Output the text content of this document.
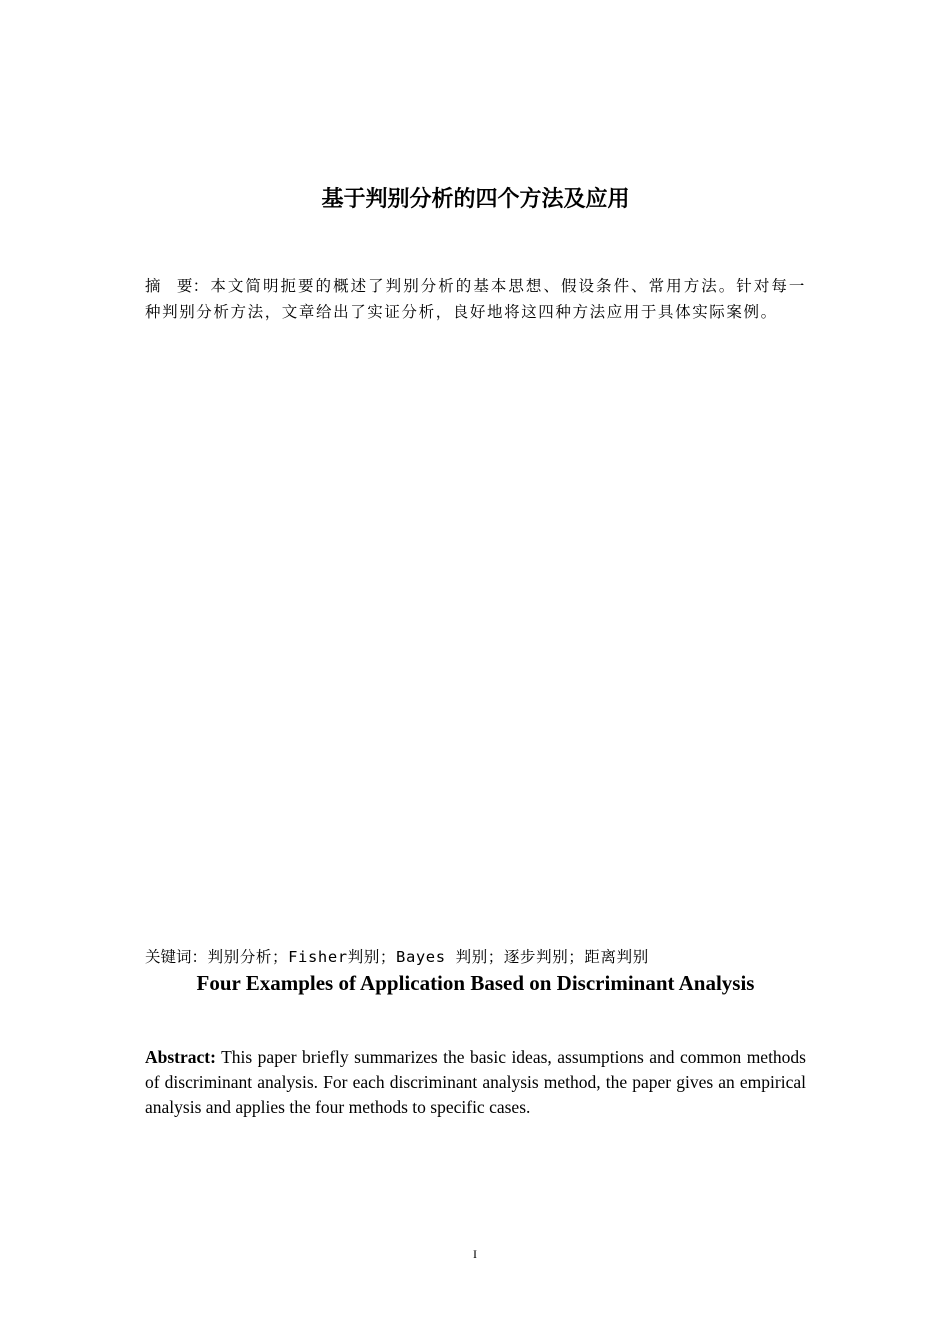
基于判别分析的四个方法及应用

摘　要：本文简明扼要的概述了判别分析的基本思想、假设条件、常用方法。针对每一种判别分析方法，文章给出了实证分析，良好地将这四种方法应用于具体实际案例。

关键词：判别分析；Fisher判别；Bayes 判别；逐步判别；距离判别

Four Examples of Application Based on Discriminant Analysis

Abstract: This paper briefly summarizes the basic ideas, assumptions and common methods of discriminant analysis. For each discriminant analysis method, the paper gives an empirical analysis and applies the four methods to specific cases.

I
